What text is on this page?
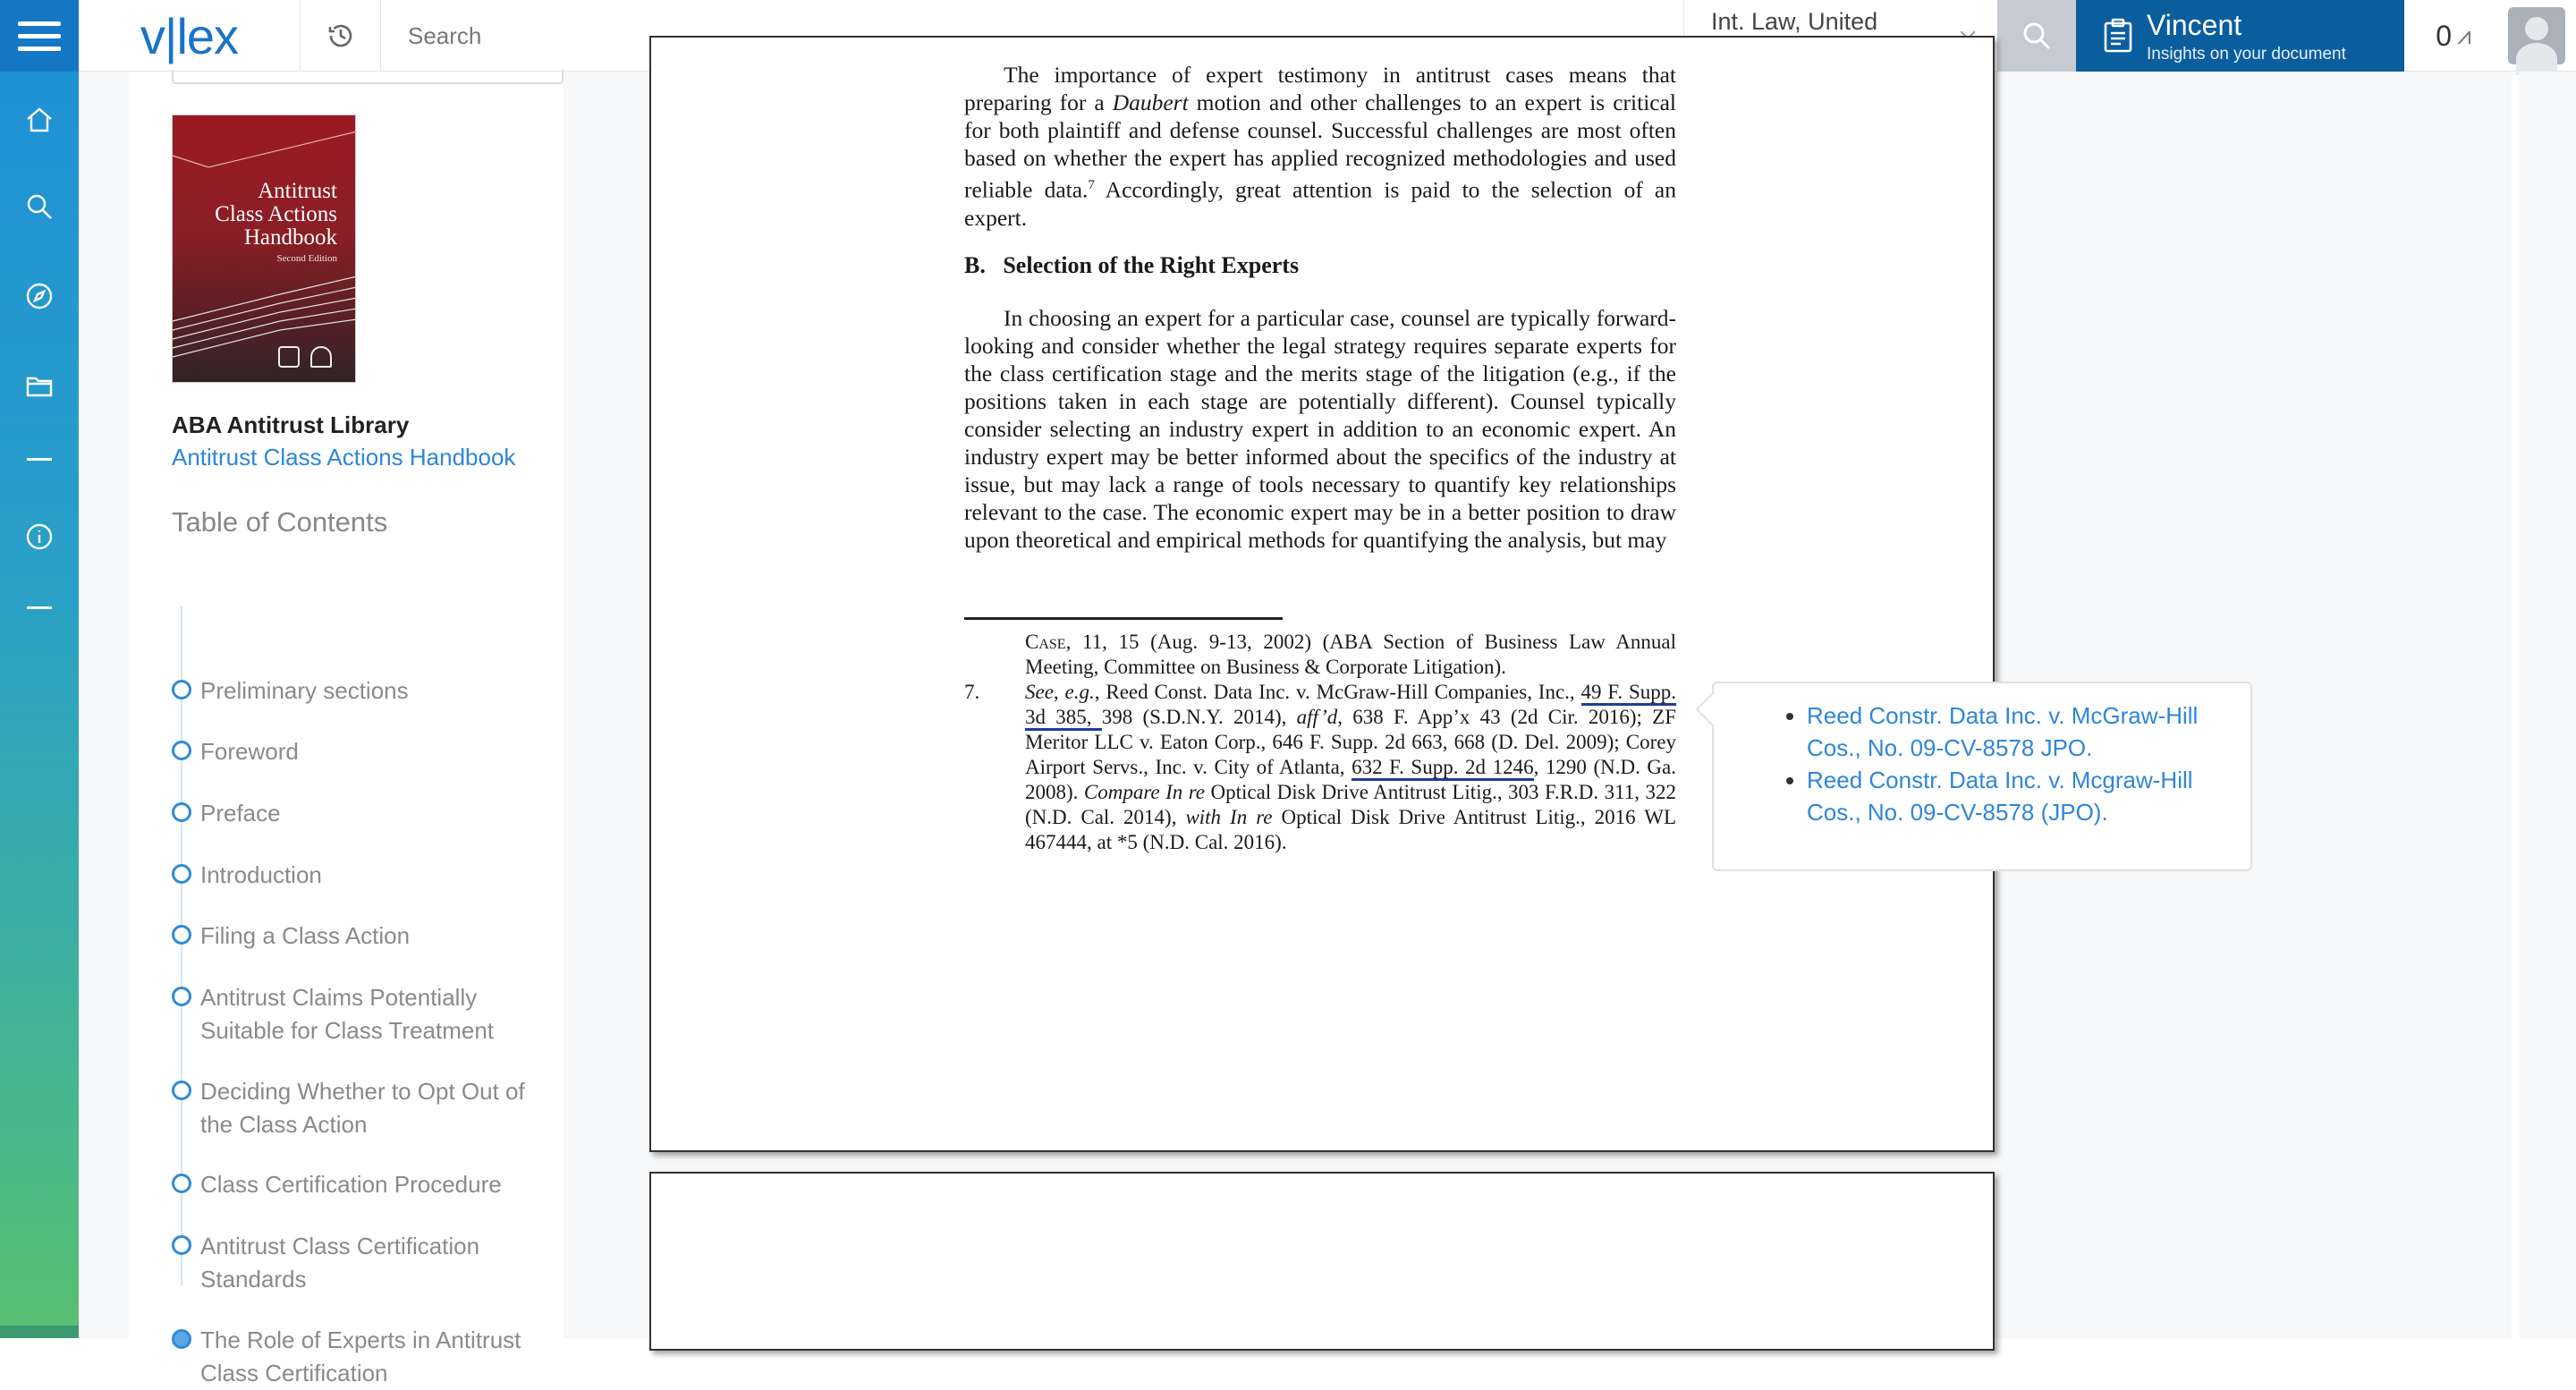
v|lex
Search	Int. Law, United	Vincent
Insights on your document
0 ⩘
Antitrust
Class Actions
Handbook
Second Edition
ABA Antitrust Library
Antitrust Class Actions Handbook
Table of Contents
Preliminary sections
Foreword
Preface
Introduction
Filing a Class Action
Antitrust Claims Potentially Suitable for Class Treatment
Deciding Whether to Opt Out of the Class Action
Class Certification Procedure
Antitrust Class Certification Standards
The Role of Experts in Antitrust Class Certification
The importance of expert testimony in antitrust cases means that preparing for a Daubert motion and other challenges to an expert is critical for both plaintiff and defense counsel. Successful challenges are most often based on whether the expert has applied recognized methodologies and used reliable data.$^7$ Accordingly, great attention is paid to the selection of an expert.
B.   Selection of the Right Experts
In choosing an expert for a particular case, counsel are typically forward-looking and consider whether the legal strategy requires separate experts for the class certification stage and the merits stage of the litigation (e.g., if the positions taken in each stage are potentially different). Counsel typically consider selecting an industry expert in addition to an economic expert. An industry expert may be better informed about the specifics of the industry at issue, but may lack a range of tools necessary to quantify key relationships relevant to the case. The economic expert may be in a better position to draw upon theoretical and empirical methods for quantifying the analysis, but may
Case, 11, 15 (Aug. 9-13, 2002) (ABA Section of Business Law Annual Meeting, Committee on Business & Corporate Litigation).
7. See, e.g., Reed Const. Data Inc. v. McGraw-Hill Companies, Inc., 49 F. Supp. 3d 385, 398 (S.D.N.Y. 2014), aff’d, 638 F. App’x 43 (2d Cir. 2016); ZF Meritor LLC v. Eaton Corp., 646 F. Supp. 2d 663, 668 (D. Del. 2009); Corey Airport Servs., Inc. v. City of Atlanta, 632 F. Supp. 2d 1246, 1290 (N.D. Ga. 2008). Compare In re Optical Disk Drive Antitrust Litig., 303 F.R.D. 311, 322 (N.D. Cal. 2014), with In re Optical Disk Drive Antitrust Litig., 2016 WL 467444, at *5 (N.D. Cal. 2016).
• Reed Constr. Data Inc. v. McGraw-Hill Cos., No. 09-CV-8578 JPO.
• Reed Constr. Data Inc. v. Mcgraw-Hill Cos., No. 09-CV-8578 (JPO).
